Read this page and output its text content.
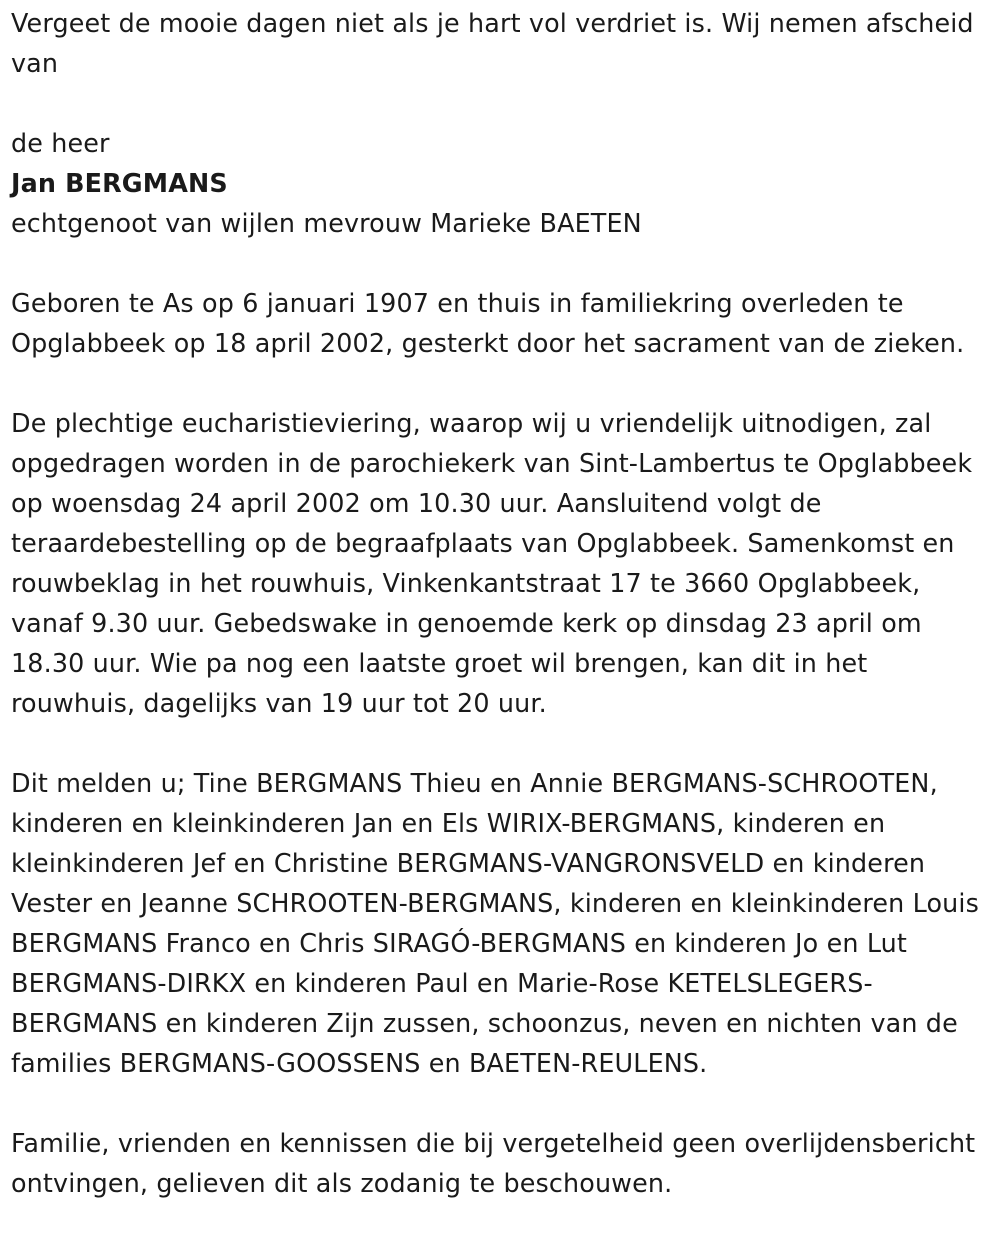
Vergeet de mooie dagen niet als je hart vol verdriet is. Wij nemen afscheid van

de heer

Jan BERGMANS

echtgenoot van wijlen mevrouw Marieke BAETEN

Geboren te As op 6 januari 1907 en thuis in familiekring overleden te Opglabbeek op 18 april 2002, gesterkt door het sacrament van de zieken.

De plechtige eucharistieviering, waarop wij u vriendelijk uitnodigen, zal opgedragen worden in de parochiekerk van Sint-Lambertus te Opglabbeek op woensdag 24 april 2002 om 10.30 uur. Aansluitend volgt de teraardebestelling op de begraafplaats van Opglabbeek. Samenkomst en rouwbeklag in het rouwhuis, Vinkenkantstraat 17 te 3660 Opglabbeek, vanaf 9.30 uur. Gebedswake in genoemde kerk op dinsdag 23 april om 18.30 uur. Wie pa nog een laatste groet wil brengen, kan dit in het rouwhuis, dagelijks van 19 uur tot 20 uur.

Dit melden u; Tine BERGMANS Thieu en Annie BERGMANS-SCHROOTEN, kinderen en kleinkinderen Jan en Els WIRIX-BERGMANS, kinderen en kleinkinderen Jef en Christine BERGMANS-VANGRONSVELD en kinderen Vester en Jeanne SCHROOTEN-BERGMANS, kinderen en kleinkinderen Louis BERGMANS Franco en Chris SIRAGÓ-BERGMANS en kinderen Jo en Lut BERGMANS-DIRKX en kinderen Paul en Marie-Rose KETELSLEGERS-BERGMANS en kinderen Zijn zussen, schoonzus, neven en nichten van de families BERGMANS-GOOSSENS en BAETEN-REULENS.

Familie, vrienden en kennissen die bij vergetelheid geen overlijdensbericht ontvingen, gelieven dit als zodanig te beschouwen.
